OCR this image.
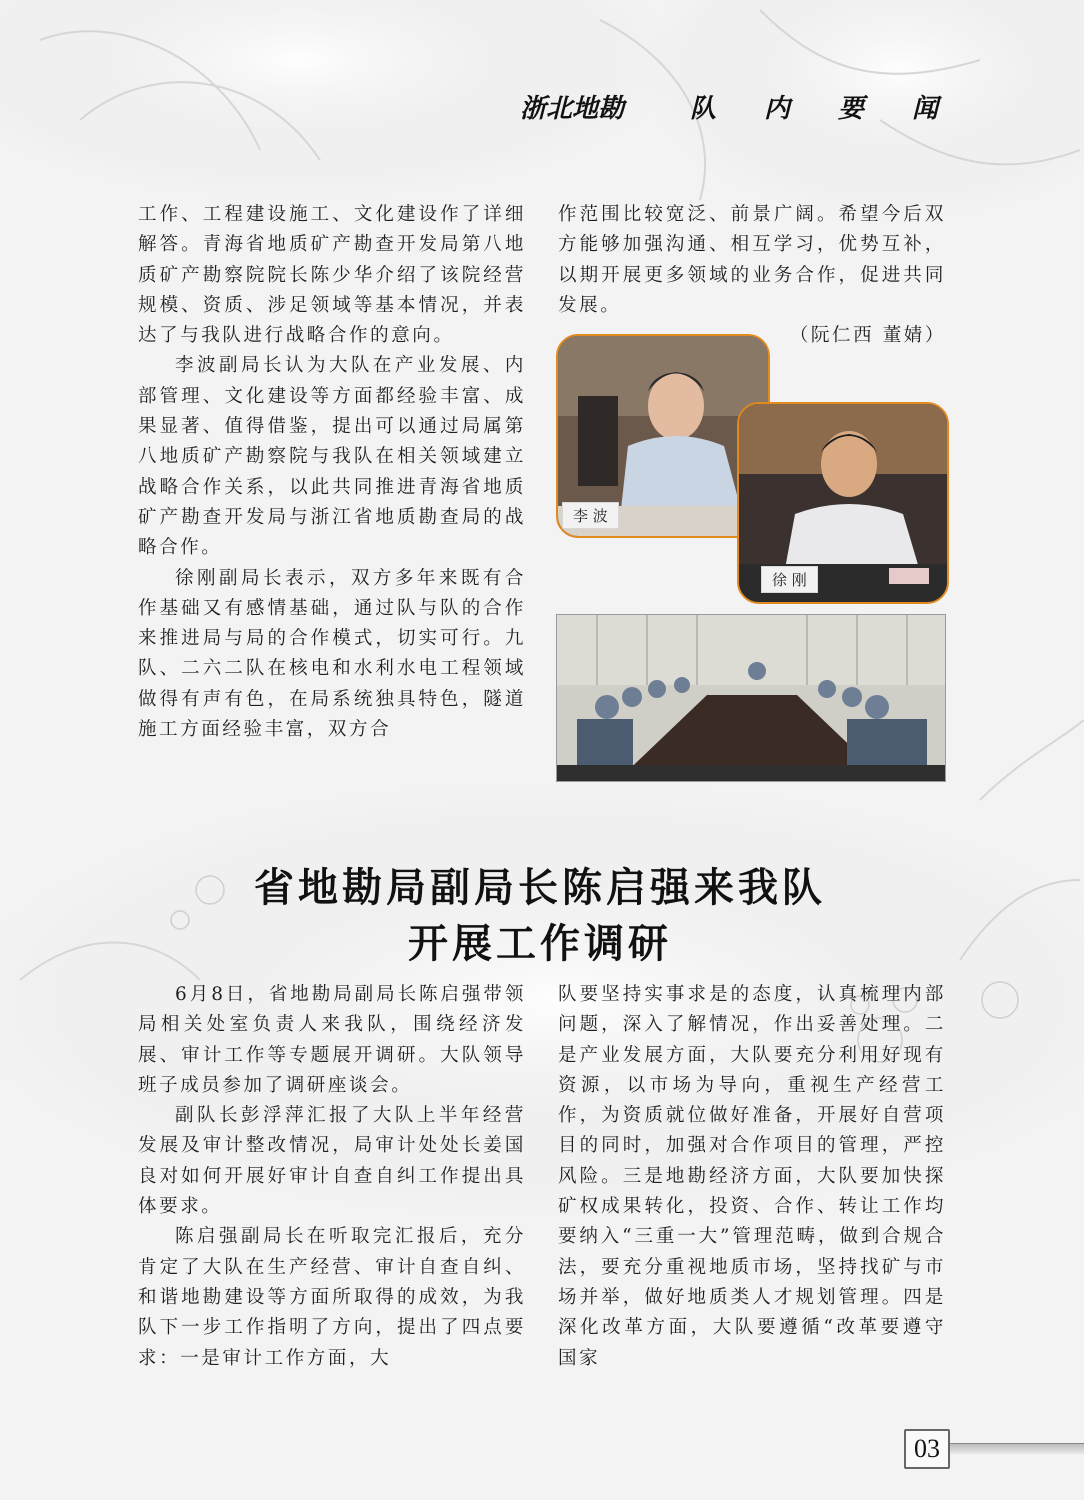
浙北地勘	队 内 要 闻

工作、工程建设施工、文化建设作了详细解答。青海省地质矿产勘查开发局第八地质矿产勘察院院长陈少华介绍了该院经营规模、资质、涉足领域等基本情况，并表达了与我队进行战略合作的意向。

李波副局长认为大队在产业发展、内部管理、文化建设等方面都经验丰富、成果显著、值得借鉴，提出可以通过局属第八地质矿产勘察院与我队在相关领域建立战略合作关系，以此共同推进青海省地质矿产勘查开发局与浙江省地质勘查局的战略合作。

徐刚副局长表示，双方多年来既有合作基础又有感情基础，通过队与队的合作来推进局与局的合作模式，切实可行。九队、二六二队在核电和水利水电工程领域做得有声有色，在局系统独具特色，隧道施工方面经验丰富，双方合

作范围比较宽泛、前景广阔。希望今后双方能够加强沟通、相互学习，优势互补，以期开展更多领域的业务合作，促进共同发展。

（阮仁西 董婧）

李 波
徐 刚
省地勘局副局长陈启强来我队
开展工作调研

6月8日，省地勘局副局长陈启强带领局相关处室负责人来我队，围绕经济发展、审计工作等专题展开调研。大队领导班子成员参加了调研座谈会。

副队长彭浮萍汇报了大队上半年经营发展及审计整改情况，局审计处处长姜国良对如何开展好审计自查自纠工作提出具体要求。

陈启强副局长在听取完汇报后，充分肯定了大队在生产经营、审计自查自纠、和谐地勘建设等方面所取得的成效，为我队下一步工作指明了方向，提出了四点要求：一是审计工作方面，大

队要坚持实事求是的态度，认真梳理内部问题，深入了解情况，作出妥善处理。二是产业发展方面，大队要充分利用好现有资源，以市场为导向，重视生产经营工作，为资质就位做好准备，开展好自营项目的同时，加强对合作项目的管理，严控风险。三是地勘经济方面，大队要加快探矿权成果转化，投资、合作、转让工作均要纳入“三重一大”管理范畴，做到合规合法，要充分重视地质市场，坚持找矿与市场并举，做好地质类人才规划管理。四是深化改革方面，大队要遵循“改革要遵守国家

03
